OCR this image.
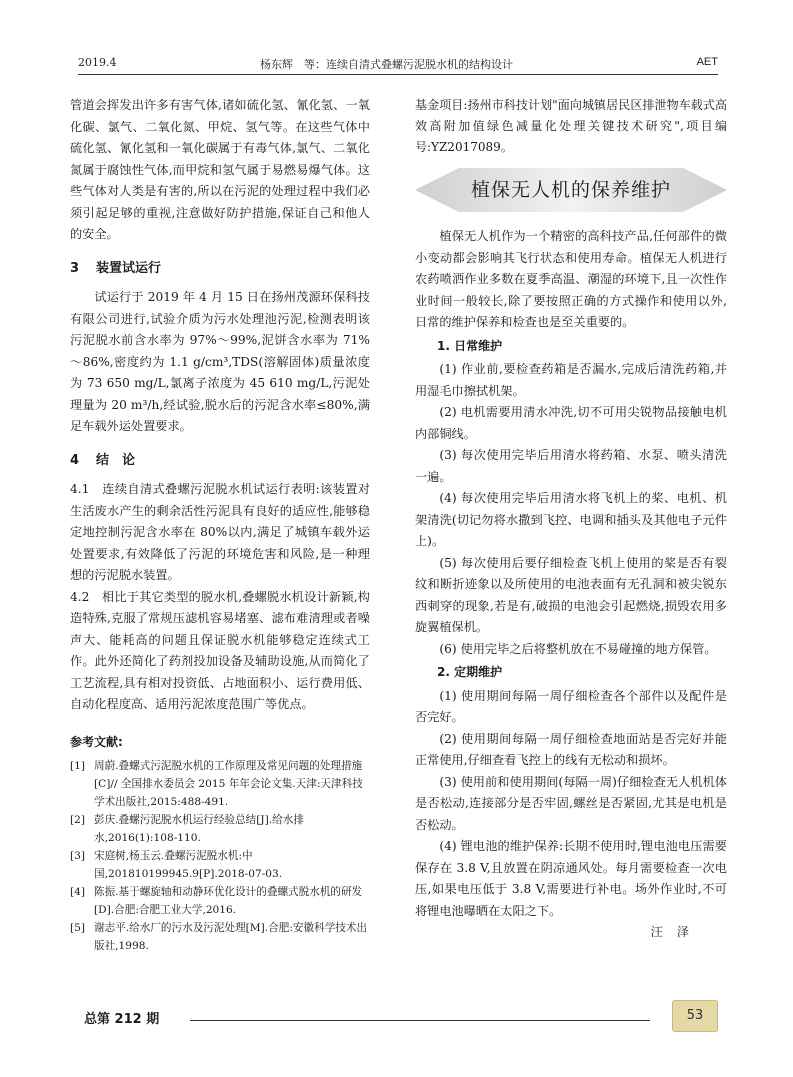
2019.4	杨东辉　等：连续自清式叠螺污泥脱水机的结构设计	AET

管道会挥发出许多有害气体,诸如硫化氢、氰化氢、一氧化碳、氯气、二氧化氮、甲烷、氢气等。在这些气体中硫化氢、氰化氢和一氧化碳属于有毒气体,氯气、二氧化氮属于腐蚀性气体,而甲烷和氢气属于易燃易爆气体。这些气体对人类是有害的,所以在污泥的处理过程中我们必须引起足够的重视,注意做好防护措施,保证自己和他人的安全。

3 装置试运行

试运行于 2019 年 4 月 15 日在扬州茂源环保科技有限公司进行,试验介质为污水处理池污泥,检测表明该污泥脱水前含水率为 97%～99%,泥饼含水率为 71%～86%,密度约为 1.1 g/cm³,TDS(溶解固体)质量浓度为 73 650 mg/L,氯离子浓度为 45 610 mg/L,污泥处理量为 20 m³/h,经试验,脱水后的污泥含水率≤80%,满足车载外运处置要求。

4 结　论

4.1　连续自清式叠螺污泥脱水机试运行表明:该装置对生活废水产生的剩余活性污泥具有良好的适应性,能够稳定地控制污泥含水率在 80%以内,满足了城镇车载外运处置要求,有效降低了污泥的环境危害和风险,是一种理想的污泥脱水装置。

4.2　相比于其它类型的脱水机,叠螺脱水机设计新颖,构造特殊,克服了常规压滤机容易堵塞、滤布难清理或者噪声大、能耗高的问题且保证脱水机能够稳定连续式工作。此外还简化了药剂投加设备及辅助设施,从而简化了工艺流程,具有相对投资低、占地面积小、运行费用低、自动化程度高、适用污泥浓度范围广等优点。

参考文献:
[1] 周蔚.叠螺式污泥脱水机的工作原理及常见问题的处理措施[C]// 全国排水委员会 2015 年年会论文集.天津:天津科技学术出版社,2015:488-491.
[2] 彭庆.叠螺污泥脱水机运行经验总结[J].给水排水,2016(1):108-110.
[3] 宋庭树,杨玉云.叠螺污泥脱水机:中国,201810199945.9[P].2018-07-03.
[4] 陈振.基于螺旋轴和动静环优化设计的叠螺式脱水机的研发[D].合肥:合肥工业大学,2016.
[5] 谢志平.给水厂的污水及污泥处理[M].合肥:安徽科学技术出版社,1998.

基金项目:扬州市科技计划"面向城镇居民区排泄物车载式高效高附加值绿色减量化处理关键技术研究",项目编号:YZ2017089。

植保无人机的保养维护

植保无人机作为一个精密的高科技产品,任何部件的微小变动都会影响其飞行状态和使用寿命。植保无人机进行农药喷洒作业多数在夏季高温、潮湿的环境下,且一次性作业时间一般较长,除了要按照正确的方式操作和使用以外,日常的维护保养和检查也是至关重要的。

1. 日常维护

(1) 作业前,要检查药箱是否漏水,完成后清洗药箱,并用湿毛巾擦拭机架。

(2) 电机需要用清水冲洗,切不可用尖锐物品接触电机内部铜线。

(3) 每次使用完毕后用清水将药箱、水泵、喷头清洗一遍。

(4) 每次使用完毕后用清水将飞机上的桨、电机、机架清洗(切记勿将水撒到飞控、电调和插头及其他电子元件上)。

(5) 每次使用后要仔细检查飞机上使用的桨是否有裂纹和断折迹象以及所使用的电池表面有无孔洞和被尖锐东西刺穿的现象,若是有,破损的电池会引起燃烧,损毁农用多旋翼植保机。

(6) 使用完毕之后将整机放在不易碰撞的地方保管。

2. 定期维护

(1) 使用期间每隔一周仔细检查各个部件以及配件是否完好。

(2) 使用期间每隔一周仔细检查地面站是否完好并能正常使用,仔细查看飞控上的线有无松动和损坏。

(3) 使用前和使用期间(每隔一周)仔细检查无人机机体是否松动,连接部分是否牢固,螺丝是否紧固,尤其是电机是否松动。

(4) 锂电池的维护保养:长期不使用时,锂电池电压需要保存在 3.8 V,且放置在阴凉通风处。每月需要检查一次电压,如果电压低于 3.8 V,需要进行补电。场外作业时,不可将锂电池曝晒在太阳之下。

汪泽

总第 212 期	53
